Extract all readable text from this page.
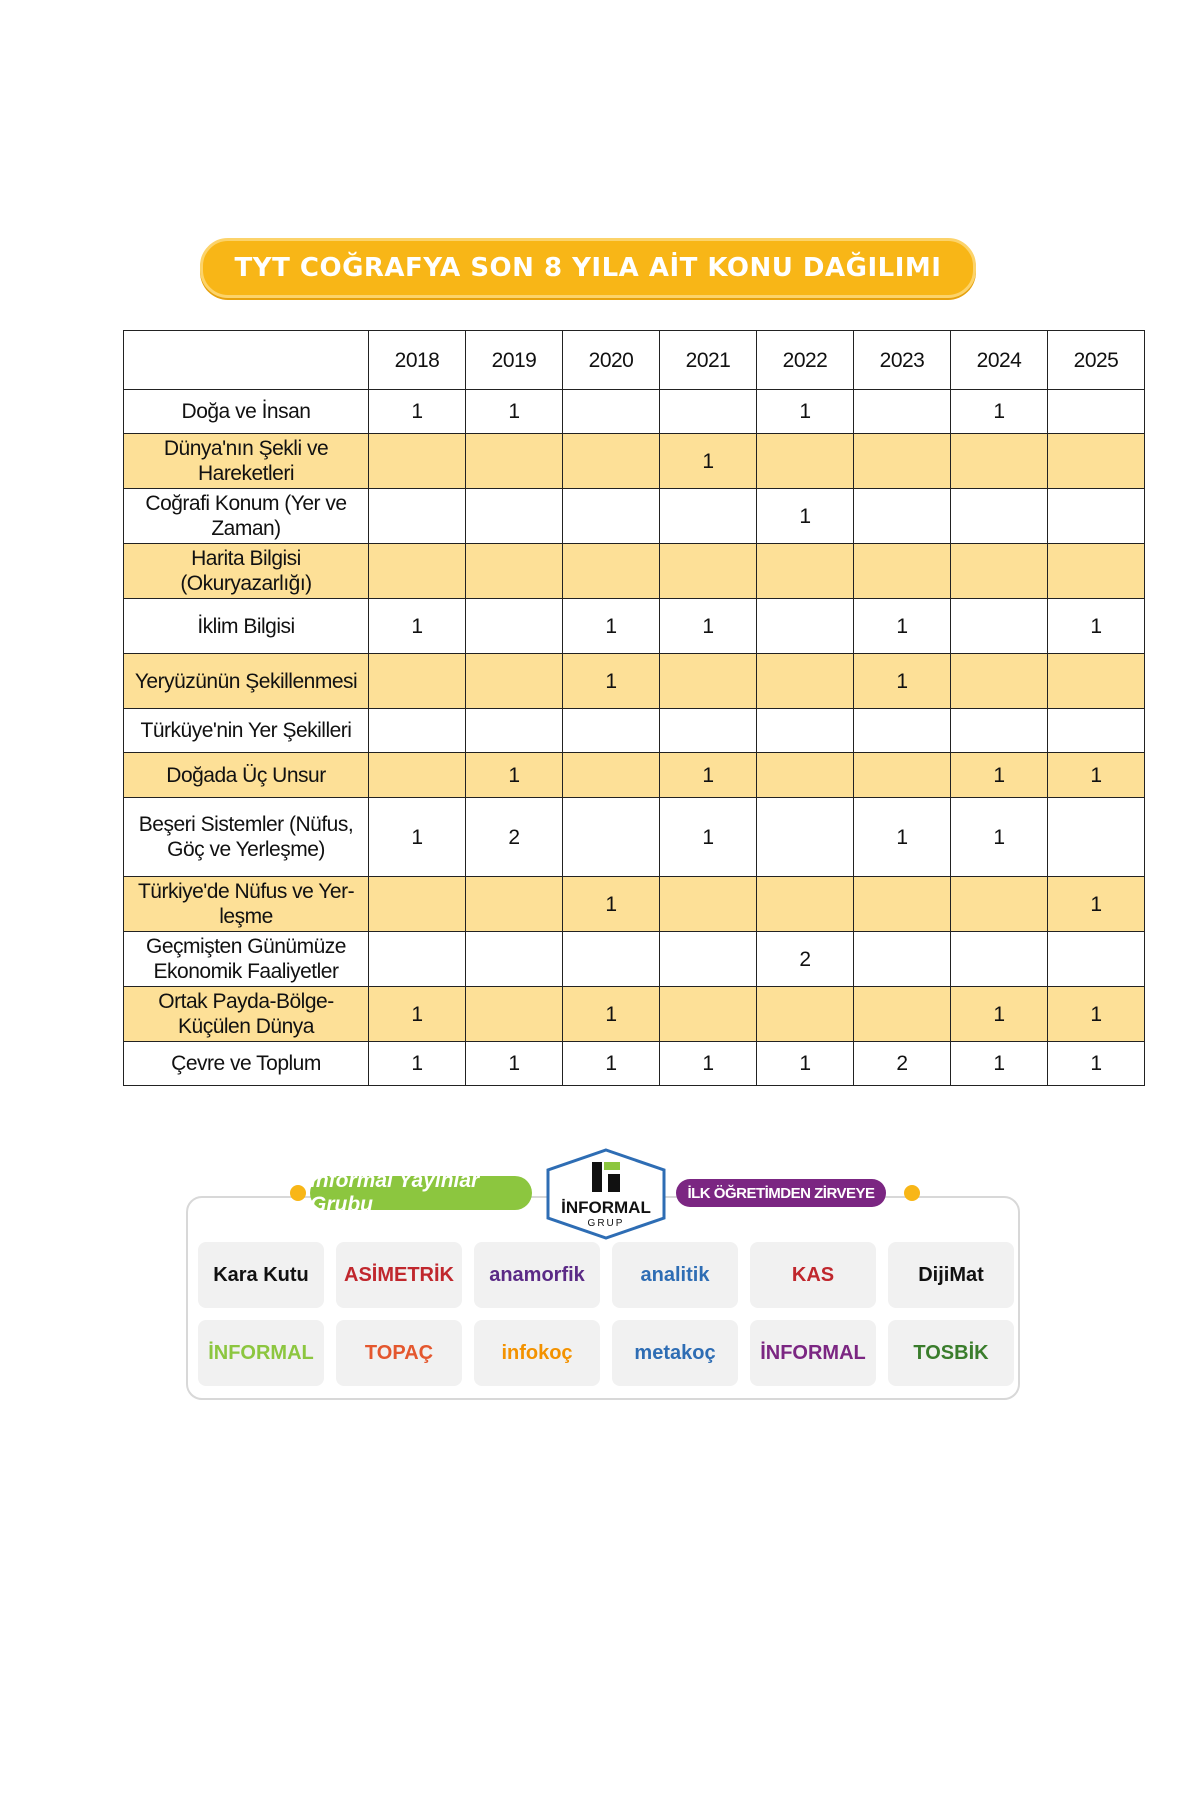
TYT COĞRAFYA SON 8 YILA AİT KONU DAĞILIMI
	2018	2019	2020	2021	2022	2023	2024	2025
Doğa ve İnsan	1	1			1		1	
Dünya'nın Şekli ve Hareketleri				1				
Coğrafi Konum (Yer ve Zaman)					1			
Harita Bilgisi (Okuryazarlığı)								
İklim Bilgisi	1		1	1		1		1
Yeryüzünün Şekillenmesi			1			1		
Türküye'nin Yer Şekilleri								
Doğada Üç Unsur		1		1			1	1
Beşeri Sistemler (Nüfus, Göç ve Yerleşme)	1	2		1		1	1	
Türkiye'de Nüfus ve Yer-leşme			1					1
Geçmişten Günümüze Ekonomik Faaliyetler					2			
Ortak Payda-Bölge-Küçülen Dünya	1		1				1	1
Çevre ve Toplum	1	1	1	1	1	2	1	1
Kara Kutu	ASİMETRİK	anamorfik	analitik	KAS	DijiMat
İNFORMAL	TOPAÇ	infokoç	metakoç	İNFORMAL	TOSBİK
İnformal Yayınlar Grubu	İLK ÖĞRETİMDEN ZİRVEYE
İNFORMAL
GRUP
